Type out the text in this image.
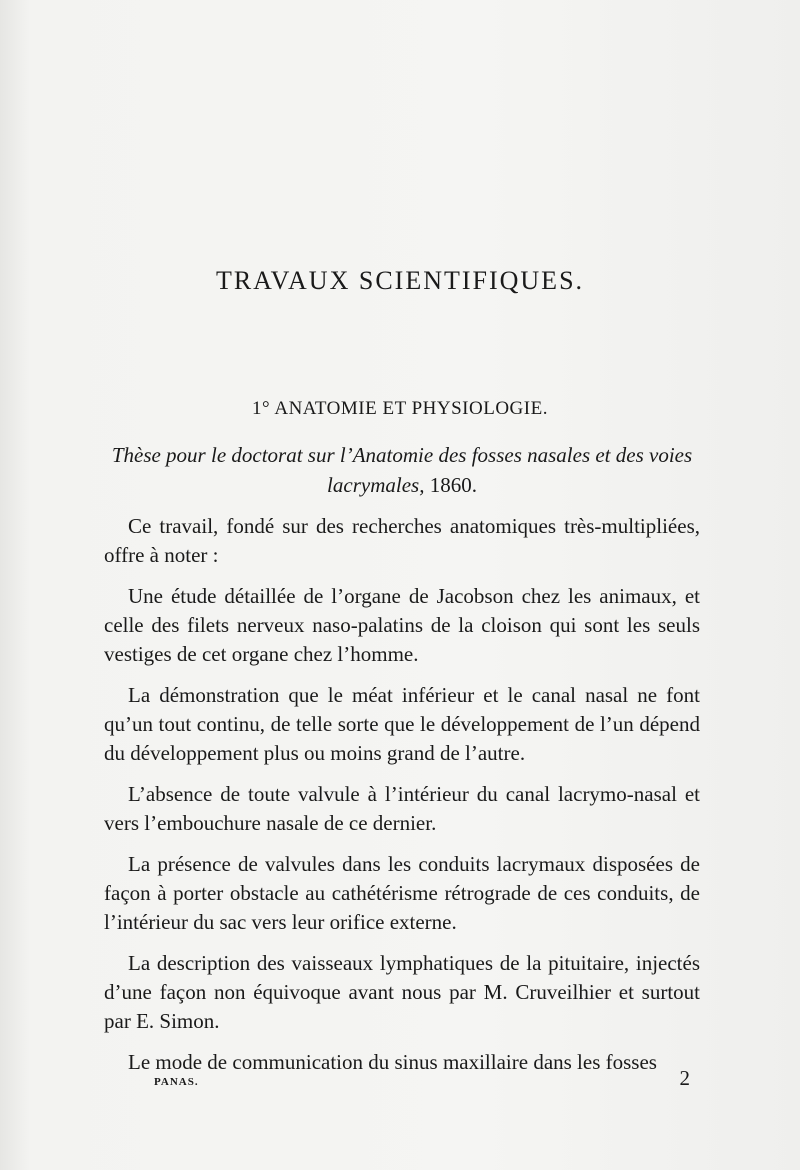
TRAVAUX SCIENTIFIQUES.
1° ANATOMIE ET PHYSIOLOGIE.
Thèse pour le doctorat sur l’Anatomie des fosses nasales et des voies lacrymales, 1860.

Ce travail, fondé sur des recherches anatomiques très-multipliées, offre à noter :

Une étude détaillée de l’organe de Jacobson chez les animaux, et celle des filets nerveux naso-palatins de la cloison qui sont les seuls vestiges de cet organe chez l’homme.

La démonstration que le méat inférieur et le canal nasal ne font qu’un tout continu, de telle sorte que le développement de l’un dépend du développement plus ou moins grand de l’autre.

L’absence de toute valvule à l’intérieur du canal lacrymo-nasal et vers l’embouchure nasale de ce dernier.

La présence de valvules dans les conduits lacrymaux disposées de façon à porter obstacle au cathétérisme rétrograde de ces conduits, de l’intérieur du sac vers leur orifice externe.

La description des vaisseaux lymphatiques de la pituitaire, injectés d’une façon non équivoque avant nous par M. Cruveilhier et surtout par E. Simon.

Le mode de communication du sinus maxillaire dans les fosses

PANAS.	2
